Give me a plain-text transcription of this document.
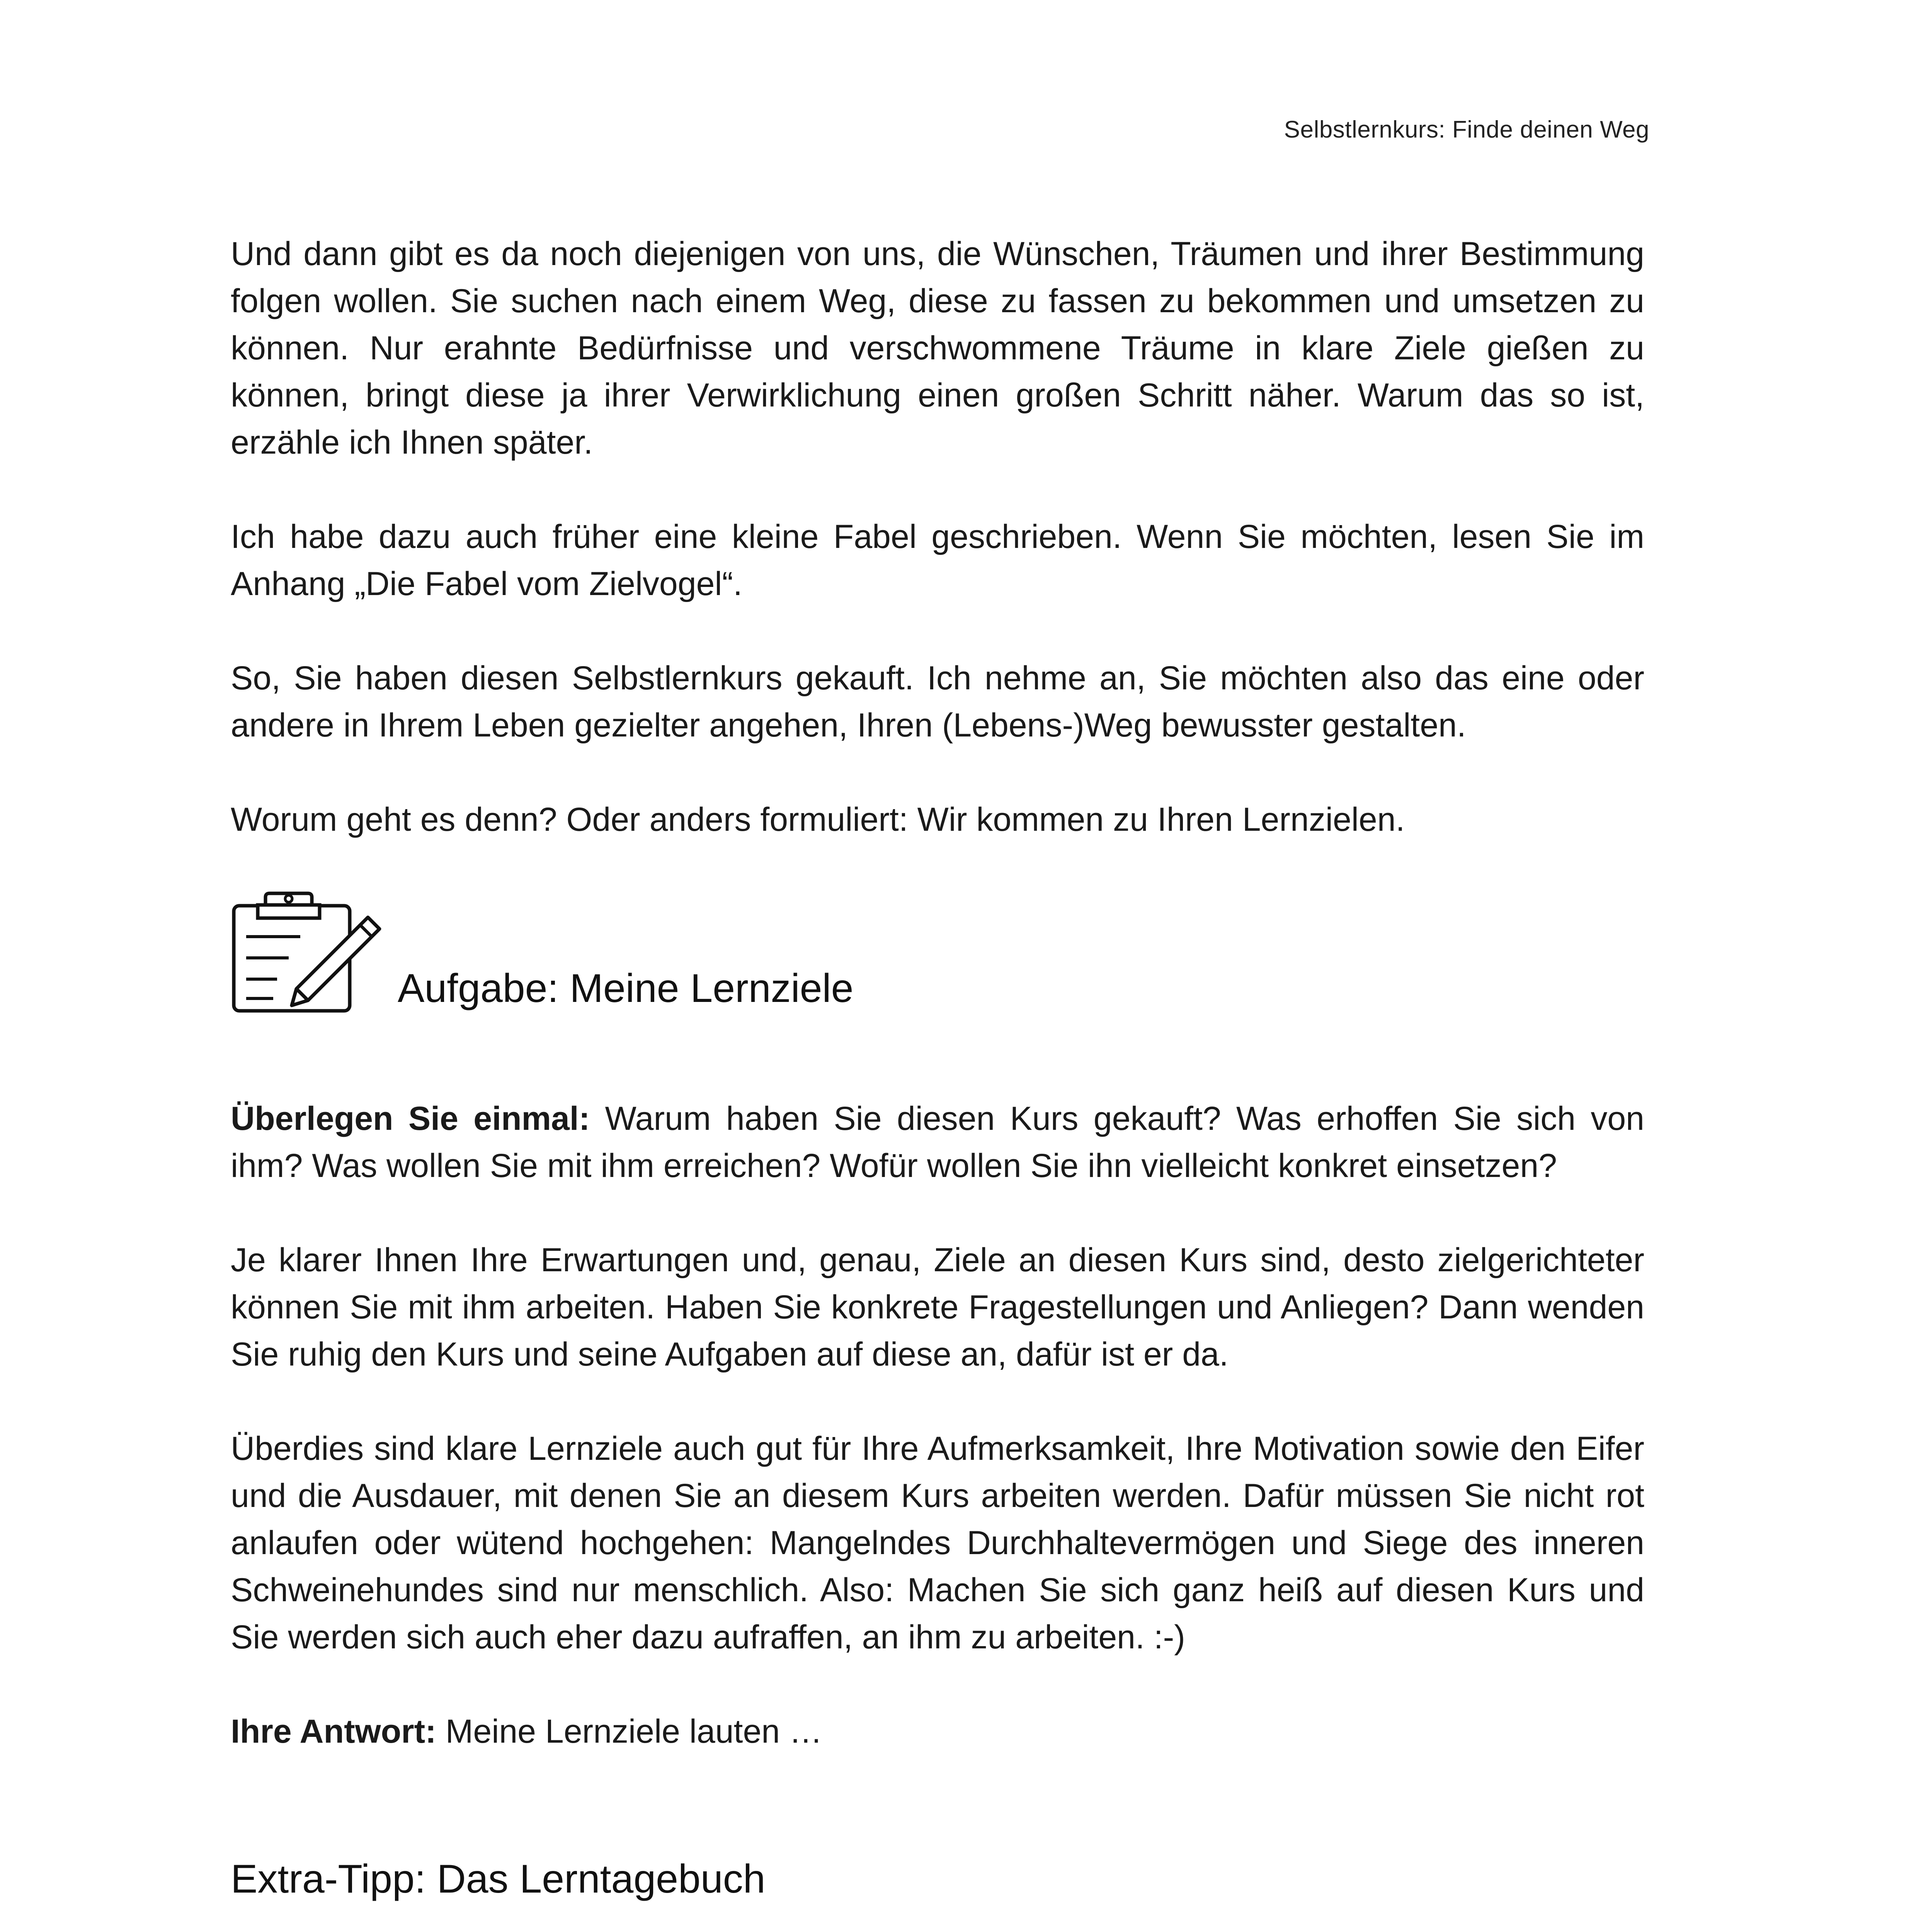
Selbstlernkurs: Finde deinen Weg

Und dann gibt es da noch diejenigen von uns, die Wünschen, Träumen und ihrer Bestimmung folgen wollen. Sie suchen nach einem Weg, diese zu fassen zu bekommen und umsetzen zu können. Nur erahnte Bedürfnisse und verschwommene Träume in klare Ziele gießen zu können, bringt diese ja ihrer Verwirklichung einen großen Schritt näher. Warum das so ist, erzähle ich Ihnen später.

Ich habe dazu auch früher eine kleine Fabel geschrieben. Wenn Sie möchten, lesen Sie im Anhang „Die Fabel vom Zielvogel“.

So, Sie haben diesen Selbstlernkurs gekauft. Ich nehme an, Sie möchten also das eine oder andere in Ihrem Leben gezielter angehen, Ihren (Lebens-)Weg bewusster gestalten.

Worum geht es denn? Oder anders formuliert: Wir kommen zu Ihren Lernzielen.

Aufgabe: Meine Lernziele

Überlegen Sie einmal: Warum haben Sie diesen Kurs gekauft? Was erhoffen Sie sich von ihm? Was wollen Sie mit ihm erreichen? Wofür wollen Sie ihn vielleicht konkret einsetzen?

Je klarer Ihnen Ihre Erwartungen und, genau, Ziele an diesen Kurs sind, desto zielgerichteter können Sie mit ihm arbeiten. Haben Sie konkrete Fragestellungen und Anliegen? Dann wenden Sie ruhig den Kurs und seine Aufgaben auf diese an, dafür ist er da.

Überdies sind klare Lernziele auch gut für Ihre Aufmerksamkeit, Ihre Motivation sowie den Eifer und die Ausdauer, mit denen Sie an diesem Kurs arbeiten werden. Dafür müssen Sie nicht rot anlaufen oder wütend hochgehen: Mangelndes Durchhaltevermögen und Siege des inneren Schweinehundes sind nur menschlich. Also: Machen Sie sich ganz heiß auf diesen Kurs und Sie werden sich auch eher dazu aufraffen, an ihm zu arbeiten. :-)

Ihre Antwort: Meine Lernziele lauten …

Extra-Tipp: Das Lerntagebuch
